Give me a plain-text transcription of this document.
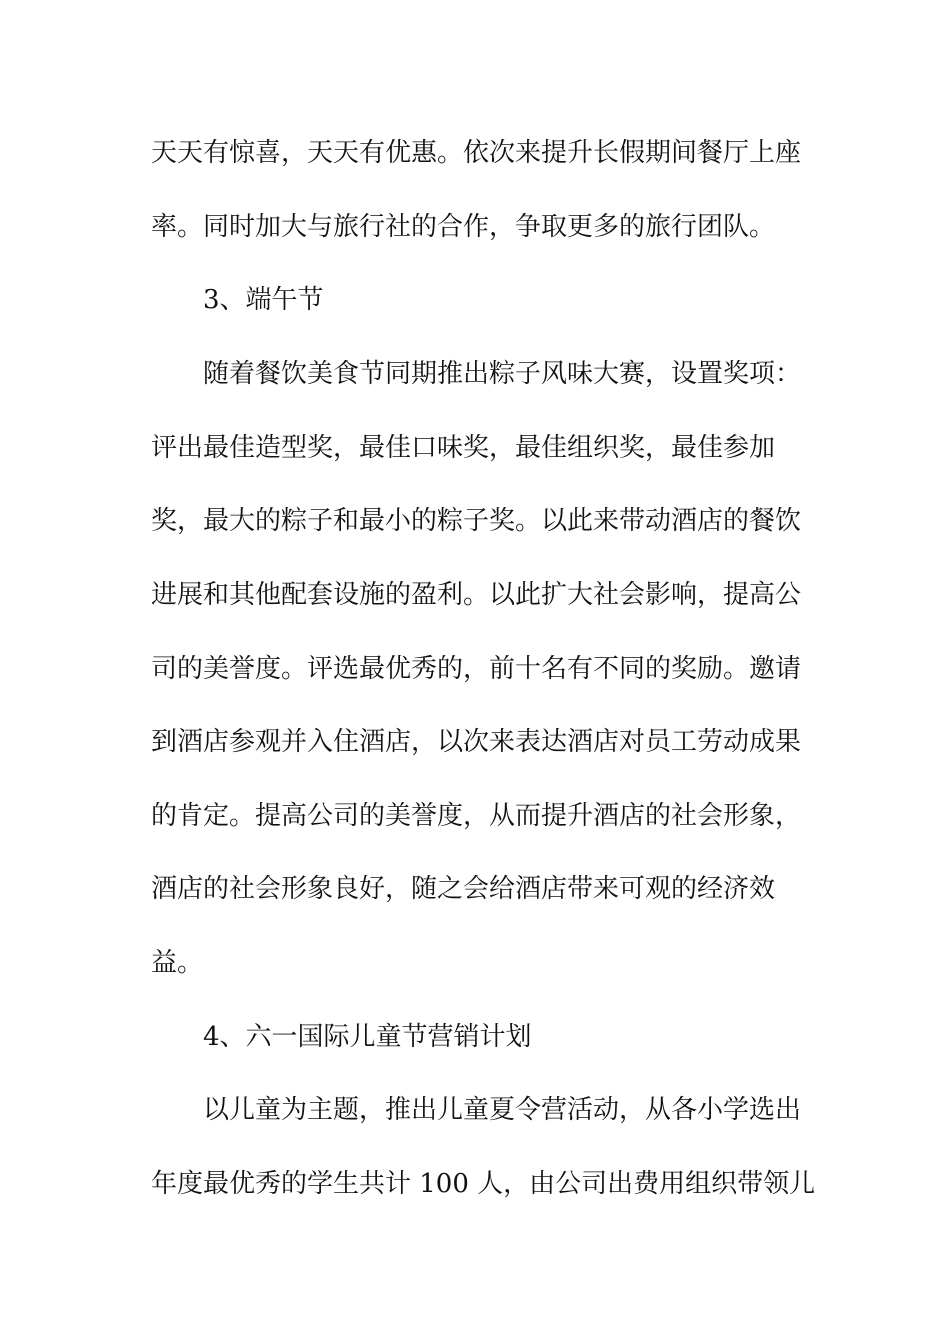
天天有惊喜，天天有优惠。依次来提升长假期间餐厅上座
率。同时加大与旅行社的合作，争取更多的旅行团队。
3、端午节
随着餐饮美食节同期推出粽子风味大赛，设置奖项：
评出最佳造型奖，最佳口味奖，最佳组织奖，最佳参加
奖，最大的粽子和最小的粽子奖。以此来带动酒店的餐饮
进展和其他配套设施的盈利。以此扩大社会影响，提高公
司的美誉度。评选最优秀的，前十名有不同的奖励。邀请
到酒店参观并入住酒店，以次来表达酒店对员工劳动成果
的肯定。提高公司的美誉度，从而提升酒店的社会形象，
酒店的社会形象良好，随之会给酒店带来可观的经济效
益。
4、六一国际儿童节营销计划
以儿童为主题，推出儿童夏令营活动，从各小学选出
年度最优秀的学生共计 100 人，由公司出费用组织带领儿
